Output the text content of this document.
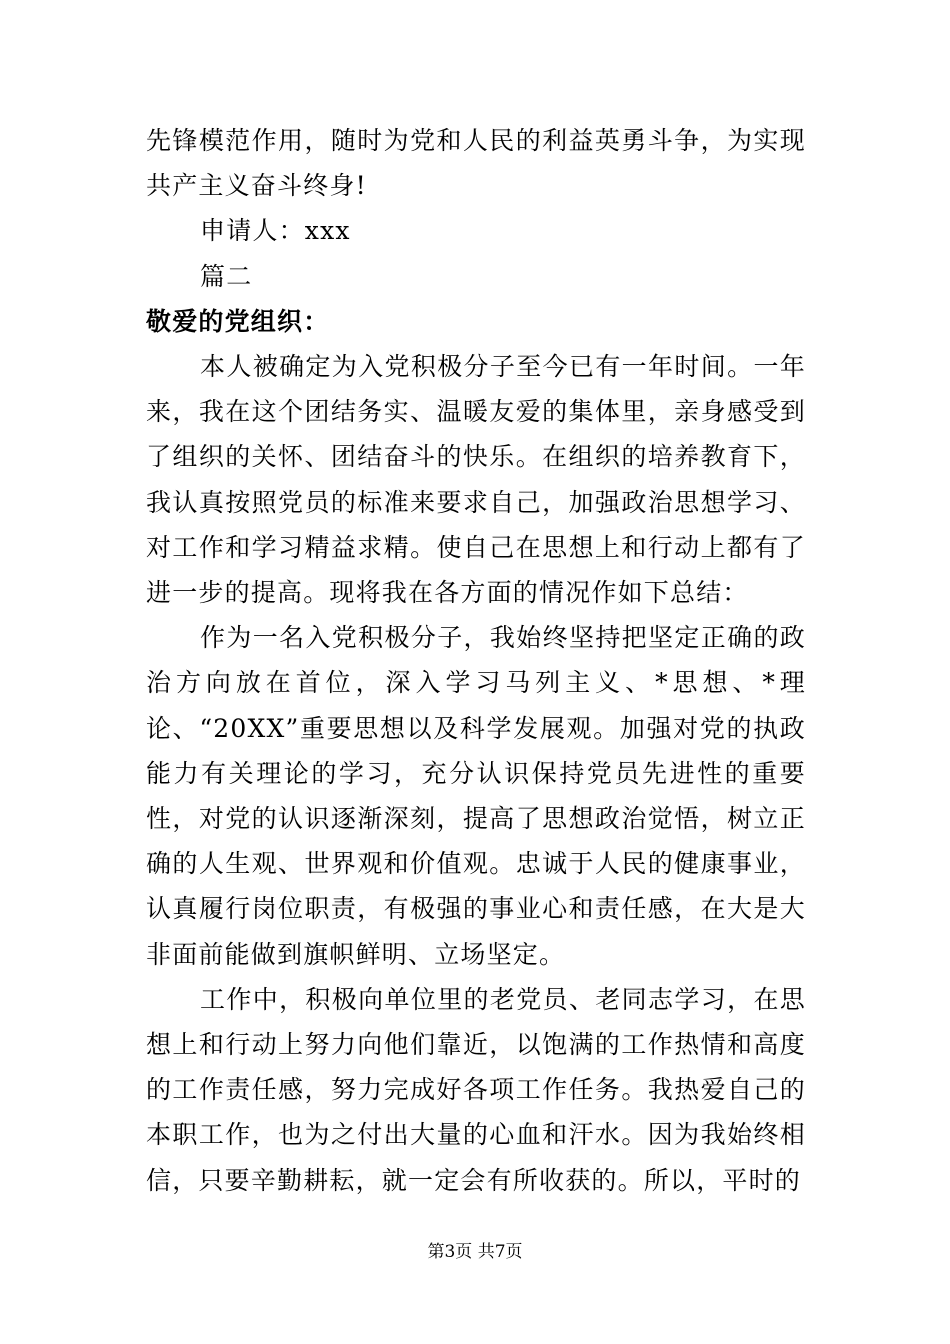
先锋模范作用，随时为党和人民的利益英勇斗争，为实现共产主义奋斗终身!

申请人：xxx

篇二

敬爱的党组织：

本人被确定为入党积极分子至今已有一年时间。一年来，我在这个团结务实、温暖友爱的集体里，亲身感受到了组织的关怀、团结奋斗的快乐。在组织的培养教育下，我认真按照党员的标准来要求自己，加强政治思想学习、对工作和学习精益求精。使自己在思想上和行动上都有了进一步的提高。现将我在各方面的情况作如下总结：

作为一名入党积极分子，我始终坚持把坚定正确的政治方向放在首位，深入学习马列主义、*思想、*理论、“20XX”重要思想以及科学发展观。加强对党的执政能力有关理论的学习，充分认识保持党员先进性的重要性，对党的认识逐渐深刻，提高了思想政治觉悟，树立正确的人生观、世界观和价值观。忠诚于人民的健康事业，认真履行岗位职责，有极强的事业心和责任感，在大是大非面前能做到旗帜鲜明、立场坚定。

工作中，积极向单位里的老党员、老同志学习，在思想上和行动上努力向他们靠近，以饱满的工作热情和高度的工作责任感，努力完成好各项工作任务。我热爱自己的本职工作，也为之付出大量的心血和汗水。因为我始终相信，只要辛勤耕耘，就一定会有所收获的。所以，平时的

第3页 共7页
